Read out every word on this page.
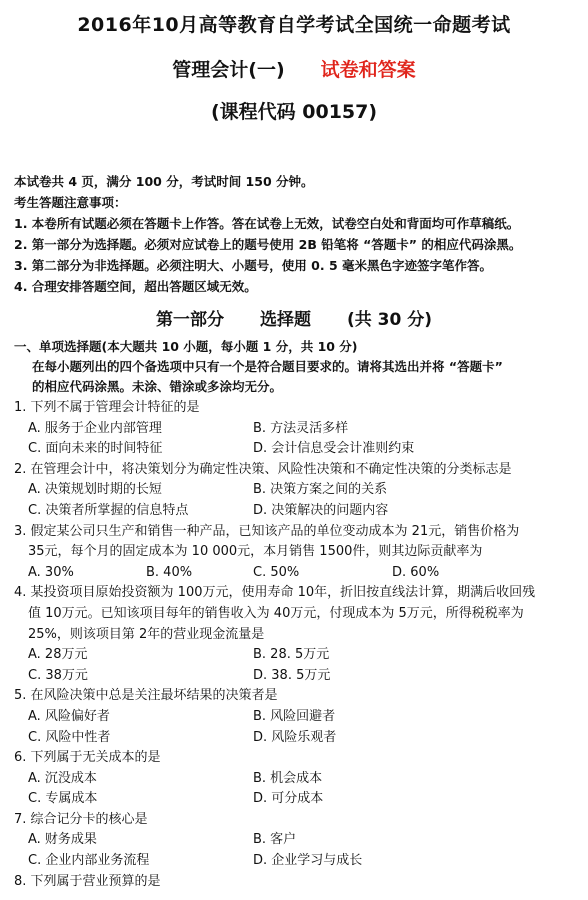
2016年10月高等教育自学考试全国统一命题考试
管理会计(一) 试卷和答案
(课程代码 00157)
本试卷共 4 页，满分 100 分，考试时间 150 分钟。
考生答题注意事项：
1. 本卷所有试题必须在答题卡上作答。答在试卷上无效，试卷空白处和背面均可作草稿纸。
2. 第一部分为选择题。必须对应试卷上的题号使用 2B 铅笔将 “答题卡” 的相应代码涂黑。
3. 第二部分为非选择题。必须注明大、小题号，使用 0. 5 毫米黑色字迹签字笔作答。
4. 合理安排答题空间，超出答题区域无效。
第一部分 选择题 (共 30 分)
一、单项选择题(本大题共 10 小题，每小题 1 分，共 10 分)
在每小题列出的四个备选项中只有一个是符合题目要求的。请将其选出并将 “答题卡”
的相应代码涂黑。未涂、错涂或多涂均无分。
1. 下列不属于管理会计特征的是
A. 服务于企业内部管理	B. 方法灵活多样
C. 面向未来的时间特征	D. 会计信息受会计准则约束
2. 在管理会计中，将决策划分为确定性决策、风险性决策和不确定性决策的分类标志是
A. 决策规划时期的长短	B. 决策方案之间的关系
C. 决策者所掌握的信息特点	D. 决策解决的问题内容
3. 假定某公司只生产和销售一种产品，已知该产品的单位变动成本为 21元，销售价格为
35元，每个月的固定成本为 10 000元，本月销售 1500件，则其边际贡献率为
A. 30%	B. 40%	C. 50%	D. 60%
4. 某投资项目原始投资额为 100万元，使用寿命 10年，折旧按直线法计算，期满后收回残
值 10万元。已知该项目每年的销售收入为 40万元，付现成本为 5万元，所得税税率为
25%，则该项目第 2年的营业现金流量是
A. 28万元	B. 28. 5万元
C. 38万元	D. 38. 5万元
5. 在风险决策中总是关注最坏结果的决策者是
A. 风险偏好者	B. 风险回避者
C. 风险中性者	D. 风险乐观者
6. 下列属于无关成本的是
A. 沉没成本	B. 机会成本
C. 专属成本	D. 可分成本
7. 综合记分卡的核心是
A. 财务成果	B. 客户
C. 企业内部业务流程	D. 企业学习与成长
8. 下列属于营业预算的是
